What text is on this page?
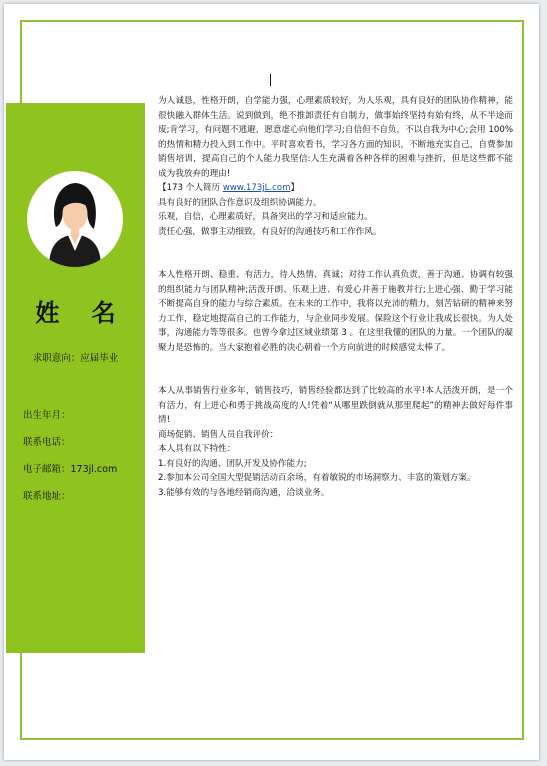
姓 名
求职意向：应届毕业
出生年月：
联系电话：
电子邮箱：173jl.com
联系地址：

为人诚恳，性格开朗，自学能力强，心理素质较好，为人乐观，具有良好的团队协作精神，能很快融入群体生活。说到做到，绝不推卸责任有自制力，做事始终坚持有始有终，从不半途而废;肯学习，有问题不逃避，愿意虚心向他们学习;自信但不自负，不以自我为中心;会用 100%的热情和精力投入到工作中。平时喜欢看书，学习各方面的知识，不断地充实自己，自费参加销售培训，提高自己的个人能力我坚信:人生充满着各种各样的困难与挫折，但是这些都不能成为我放弃的理由!

【173 个人简历 www.173jL.com】

具有良好的团队合作意识及组织协调能力。

乐观，自信，心理素质好，具备突出的学习和适应能力。

责任心强，做事主动细致，有良好的沟通技巧和工作作风。

本人性格开朗、稳重、有活力，待人热情、真诚；对待工作认真负责，善于沟通、协调有较强的组织能力与团队精神;活泼开朗、乐观上进、有爱心并善于施教并行;上进心强、勤于学习能不断提高自身的能力与综合素质。在未来的工作中，我将以充沛的精力，刻苦钻研的精神来努力工作，稳定地提高自己的工作能力，与企业同步发展。保险这个行业让我成长很快。为人处事，沟通能力等等很多。也曾今拿过区域业绩第 3 。在这里我懂的团队的力量。一个团队的凝聚力是恐怖的。当大家抱着必胜的决心朝着一个方向前进的时候感觉太棒了。

本人从事销售行业多年，销售技巧，销售经验都达到了比较高的水平!本人活泼开朗，是一个有活力，有上进心和勇于挑战高度的人!凭着“从哪里跌倒就从那里爬起”的精神去做好每件事情!

商场促销、销售人员自我评价：

本人具有以下特性：

1.有良好的沟通、团队开发及协作能力;

2.参加本公司全国大型促销活动百余场，有着敏锐的市场洞察力、丰富的策划方案。

3.能够有效的与各地经销商沟通，洽谈业务。
